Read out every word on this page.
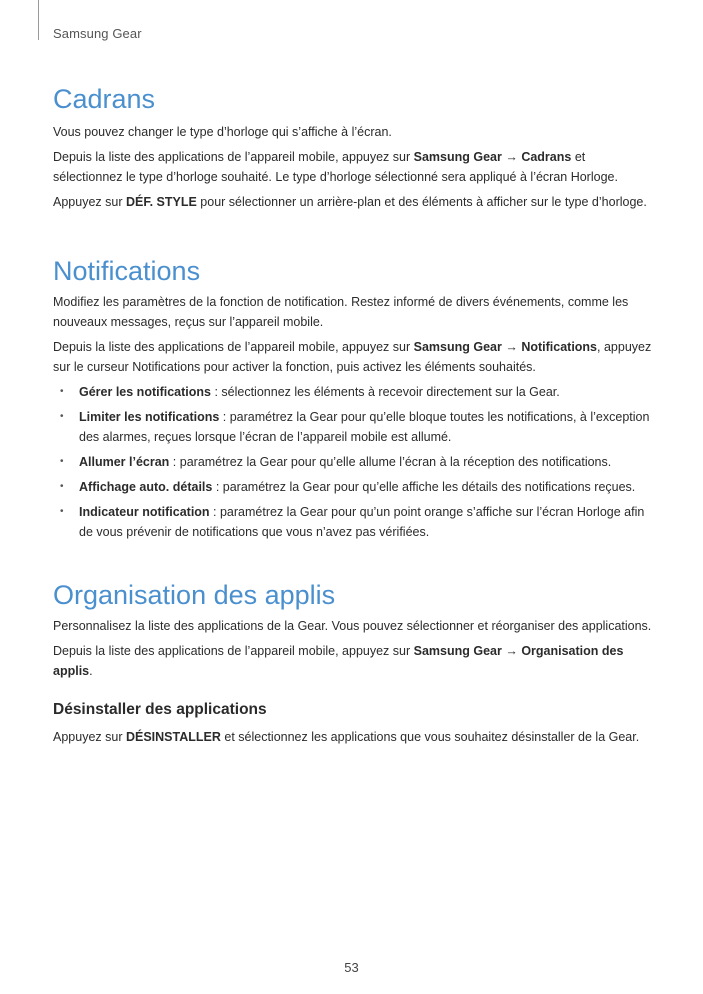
Samsung Gear
Cadrans

Vous pouvez changer le type d’horloge qui s’affiche à l’écran.

Depuis la liste des applications de l’appareil mobile, appuyez sur Samsung Gear → Cadrans et sélectionnez le type d’horloge souhaité. Le type d’horloge sélectionné sera appliqué à l’écran Horloge.

Appuyez sur DÉF. STYLE pour sélectionner un arrière-plan et des éléments à afficher sur le type d’horloge.

Notifications

Modifiez les paramètres de la fonction de notification. Restez informé de divers événements, comme les nouveaux messages, reçus sur l’appareil mobile.

Depuis la liste des applications de l’appareil mobile, appuyez sur Samsung Gear → Notifications, appuyez sur le curseur Notifications pour activer la fonction, puis activez les éléments souhaités.

• Gérer les notifications : sélectionnez les éléments à recevoir directement sur la Gear.
• Limiter les notifications : paramétrez la Gear pour qu’elle bloque toutes les notifications, à l’exception des alarmes, reçues lorsque l’écran de l’appareil mobile est allumé.
• Allumer l’écran : paramétrez la Gear pour qu’elle allume l’écran à la réception des notifications.
• Affichage auto. détails : paramétrez la Gear pour qu’elle affiche les détails des notifications reçues.
• Indicateur notification : paramétrez la Gear pour qu’un point orange s’affiche sur l’écran Horloge afin de vous prévenir de notifications que vous n’avez pas vérifiées.
Organisation des applis

Personnalisez la liste des applications de la Gear. Vous pouvez sélectionner et réorganiser des applications.

Depuis la liste des applications de l’appareil mobile, appuyez sur Samsung Gear → Organisation des applis.

Désinstaller des applications

Appuyez sur DÉSINSTALLER et sélectionnez les applications que vous souhaitez désinstaller de la Gear.

53
